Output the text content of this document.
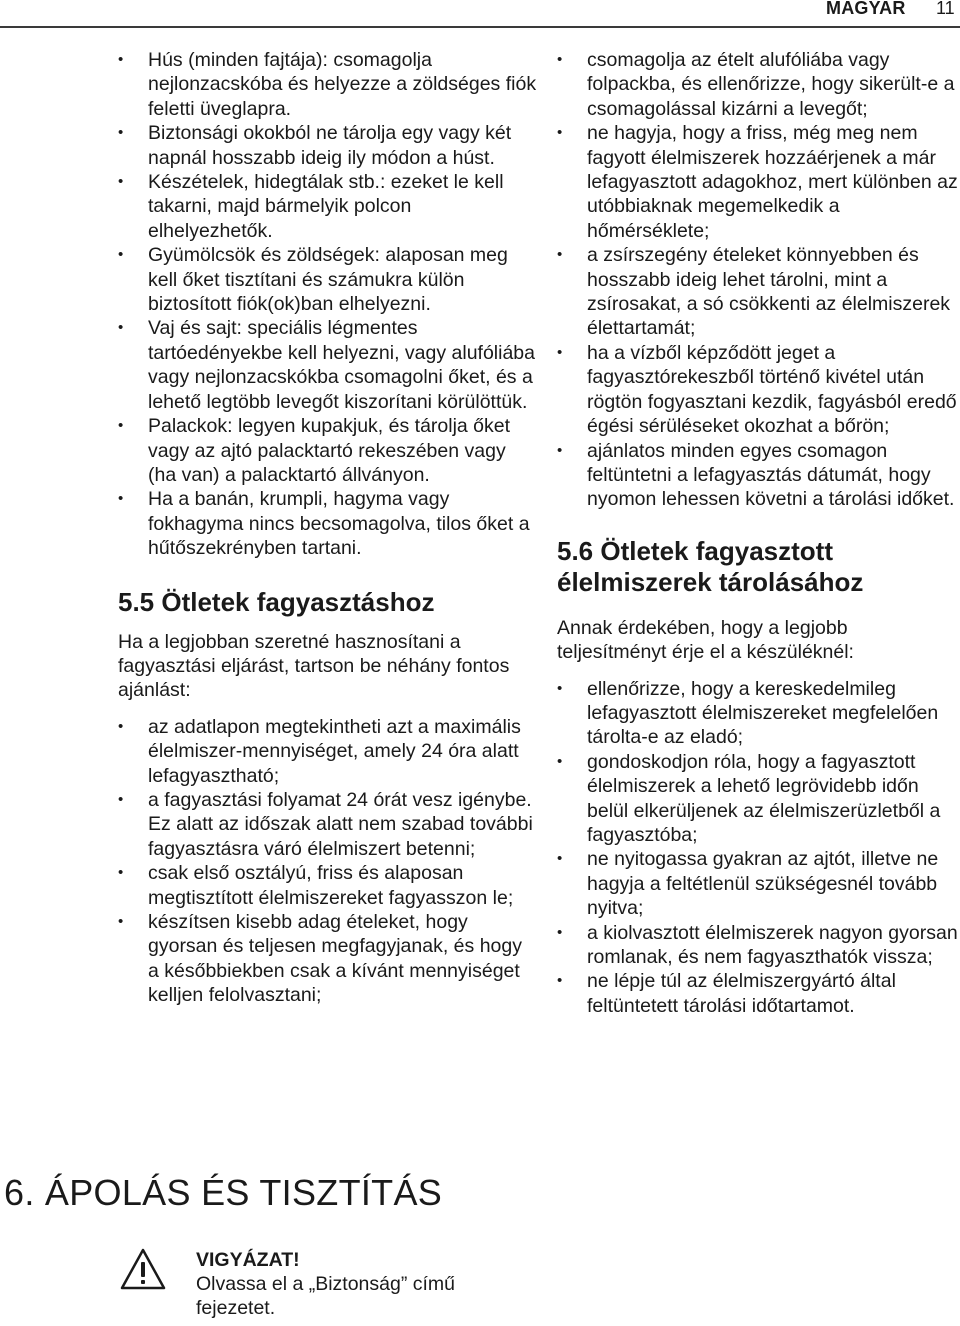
MAGYAR 11
• Hús (minden fajtája): csomagolja nejlonzacskóba és helyezze a zöldséges fiók feletti üveglapra.
• Biztonsági okokból ne tárolja egy vagy két napnál hosszabb ideig ily módon a húst.
• Készételek, hidegtálak stb.: ezeket le kell takarni, majd bármelyik polcon elhelyezhetők.
• Gyümölcsök és zöldségek: alaposan meg kell őket tisztítani és számukra külön biztosított fiók(ok)ban elhelyezni.
• Vaj és sajt: speciális légmentes tartóedényekbe kell helyezni, vagy alufóliába vagy nejlonzacskókba csomagolni őket, és a lehető legtöbb levegőt kiszorítani körülöttük.
• Palackok: legyen kupakjuk, és tárolja őket vagy az ajtó palacktartó rekeszében vagy (ha van) a palacktartó állványon.
• Ha a banán, krumpli, hagyma vagy fokhagyma nincs becsomagolva, tilos őket a hűtőszekrényben tartani.
5.5 Ötletek fagyasztáshoz

Ha a legjobban szeretné hasznosítani a fagyasztási eljárást, tartson be néhány fontos ajánlást:

• az adatlapon megtekintheti azt a maximális élelmiszer-mennyiséget, amely 24 óra alatt lefagyasztható;
• a fagyasztási folyamat 24 órát vesz igénybe. Ez alatt az időszak alatt nem szabad további fagyasztásra váró élelmiszert betenni;
• csak első osztályú, friss és alaposan megtisztított élelmiszereket fagyasszon le;
• készítsen kisebb adag ételeket, hogy gyorsan és teljesen megfagyjanak, és hogy a későbbiekben csak a kívánt mennyiséget kelljen felolvasztani;
• csomagolja az ételt alufóliába vagy folpackba, és ellenőrizze, hogy sikerült-e a csomagolással kizárni a levegőt;
• ne hagyja, hogy a friss, még meg nem fagyott élelmiszerek hozzáérjenek a már lefagyasztott adagokhoz, mert különben az utóbbiaknak megemelkedik a hőmérséklete;
• a zsírszegény ételeket könnyebben és hosszabb ideig lehet tárolni, mint a zsírosakat, a só csökkenti az élelmiszerek élettartamát;
• ha a vízből képződött jeget a fagyasztórekeszből történő kivétel után rögtön fogyasztani kezdik, fagyásból eredő égési sérüléseket okozhat a bőrön;
• ajánlatos minden egyes csomagon feltüntetni a lefagyasztás dátumát, hogy nyomon lehessen követni a tárolási időket.
5.6 Ötletek fagyasztott élelmiszerek tárolásához

Annak érdekében, hogy a legjobb teljesítményt érje el a készüléknél:

• ellenőrizze, hogy a kereskedelmileg lefagyasztott élelmiszereket megfelelően tárolta-e az eladó;
• gondoskodjon róla, hogy a fagyasztott élelmiszerek a lehető legrövidebb időn belül elkerüljenek az élelmiszerüzletből a fagyasztóba;
• ne nyitogassa gyakran az ajtót, illetve ne hagyja a feltétlenül szükségesnél tovább nyitva;
• a kiolvasztott élelmiszerek nagyon gyorsan romlanak, és nem fagyaszthatók vissza;
• ne lépje túl az élelmiszergyártó által feltüntetett tárolási időtartamot.
6. ÁPOLÁS ÉS TISZTÍTÁS
VIGYÁZAT!
Olvassa el a „Biztonság” című fejezetet.
